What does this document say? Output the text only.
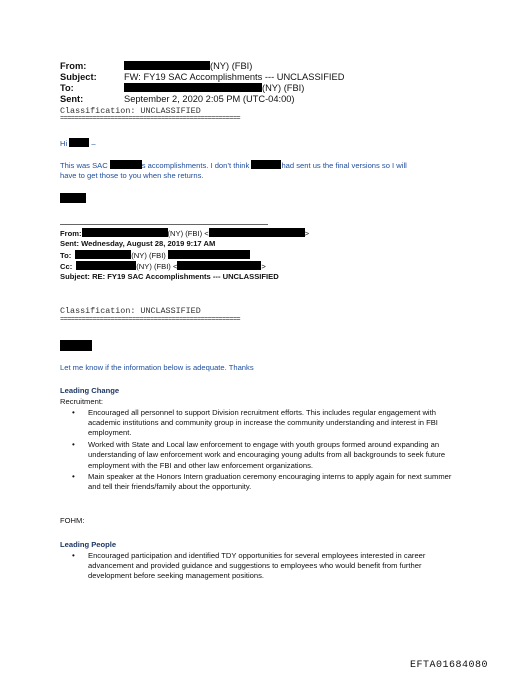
From:	(NY) (FBI)
Subject:	FW: FY19 SAC Accomplishments --- UNCLASSIFIED
To:	(NY) (FBI)
Sent:	September 2, 2020 2:05 PM (UTC-04:00)
Classification: UNCLASSIFIED
==================================================
Hi	–
This was SAC	s accomplishments. I don’t think	had sent us the final versions so I will
have to get those to you when she returns.
From:	(NY) (FBI) <	>
Sent: Wednesday, August 28, 2019 9:17 AM
To:	(NY) (FBI)
Cc:	(NY) (FBI) <	>
Subject: RE: FY19 SAC Accomplishments --- UNCLASSIFIED
Classification: UNCLASSIFIED
==================================================
Let me know if the information below is adequate. Thanks
Leading Change
Recruitment:
• Encouraged all personnel to support Division recruitment efforts. This includes regular engagement with academic institutions and community group in increase the community understanding and interest in FBI employment.
• Worked with State and Local law enforcement to engage with youth groups formed around expanding an understanding of law enforcement work and encouraging young adults from all backgrounds to seek future employment with the FBI and other law enforcement organizations.
• Main speaker at the Honors Intern graduation ceremony encouraging interns to apply again for next summer and tell their friends/family about the opportunity.
FOHM:
Leading People
• Encouraged participation and identified TDY opportunities for several employees interested in career advancement and provided guidance and suggestions to employees who would benefit from further development before seeking management positions.
EFTA01684080
